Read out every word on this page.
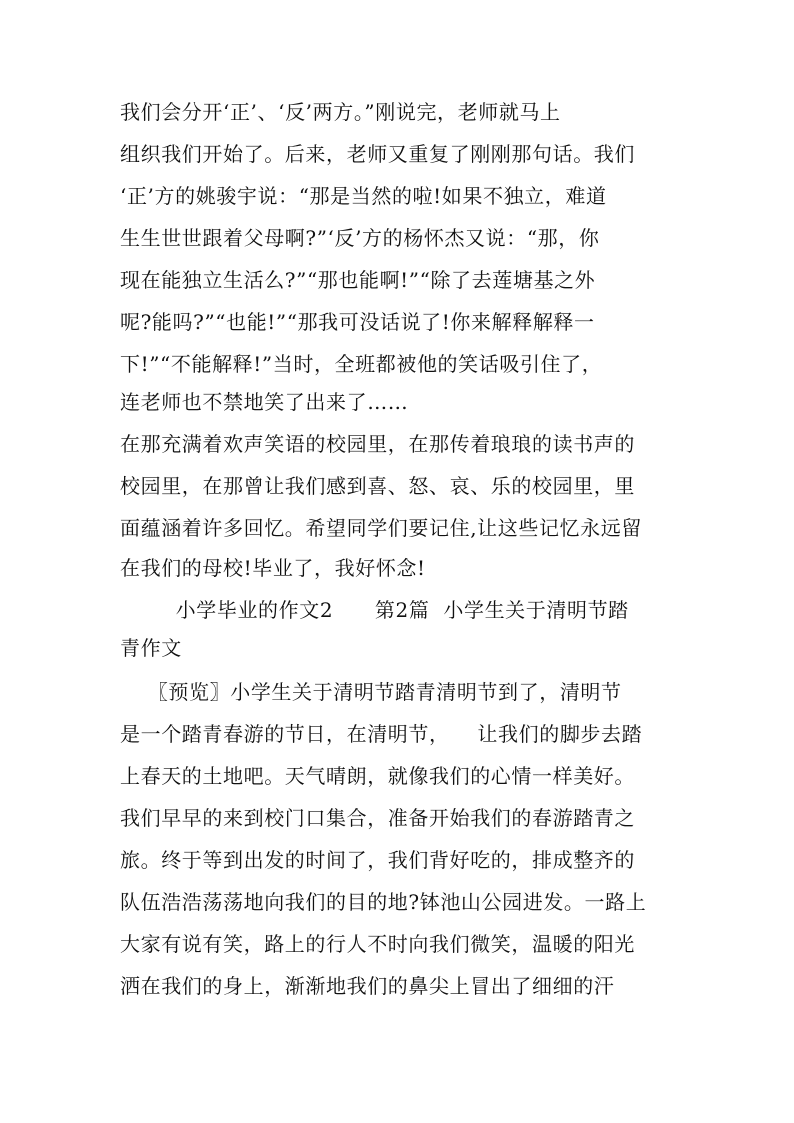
我们会分开‘正’、‘反’两方。”刚说完，老师就马上
组织我们开始了。后来，老师又重复了刚刚那句话。我们
‘正’方的姚骏宇说：“那是当然的啦!如果不独立，难道
生生世世跟着父母啊?”‘反’方的杨怀杰又说：“那，你
现在能独立生活么?”“那也能啊!”“除了去莲塘基之外
呢?能吗?”“也能!”“那我可没话说了!你来解释解释一
下!”“不能解释!”当时，全班都被他的笑话吸引住了，
连老师也不禁地笑了出来了……
在那充满着欢声笑语的校园里，在那传着琅琅的读书声的
校园里，在那曾让我们感到喜、怒、哀、乐的校园里，里
面蕴涵着许多回忆。希望同学们要记住,让这些记忆永远留
在我们的母校!毕业了，我好怀念!
小学毕业的作文2      第2篇  小学生关于清明节踏
青作文
〖预览〗小学生关于清明节踏青清明节到了，清明节
是一个踏青春游的节日，在清明节，    让我们的脚步去踏
上春天的土地吧。天气晴朗，就像我们的心情一样美好。
我们早早的来到校门口集合，准备开始我们的春游踏青之
旅。终于等到出发的时间了，我们背好吃的，排成整齐的
队伍浩浩荡荡地向我们的目的地?钵池山公园进发。一路上
大家有说有笑，路上的行人不时向我们微笑，温暖的阳光
洒在我们的身上，渐渐地我们的鼻尖上冒出了细细的汗
